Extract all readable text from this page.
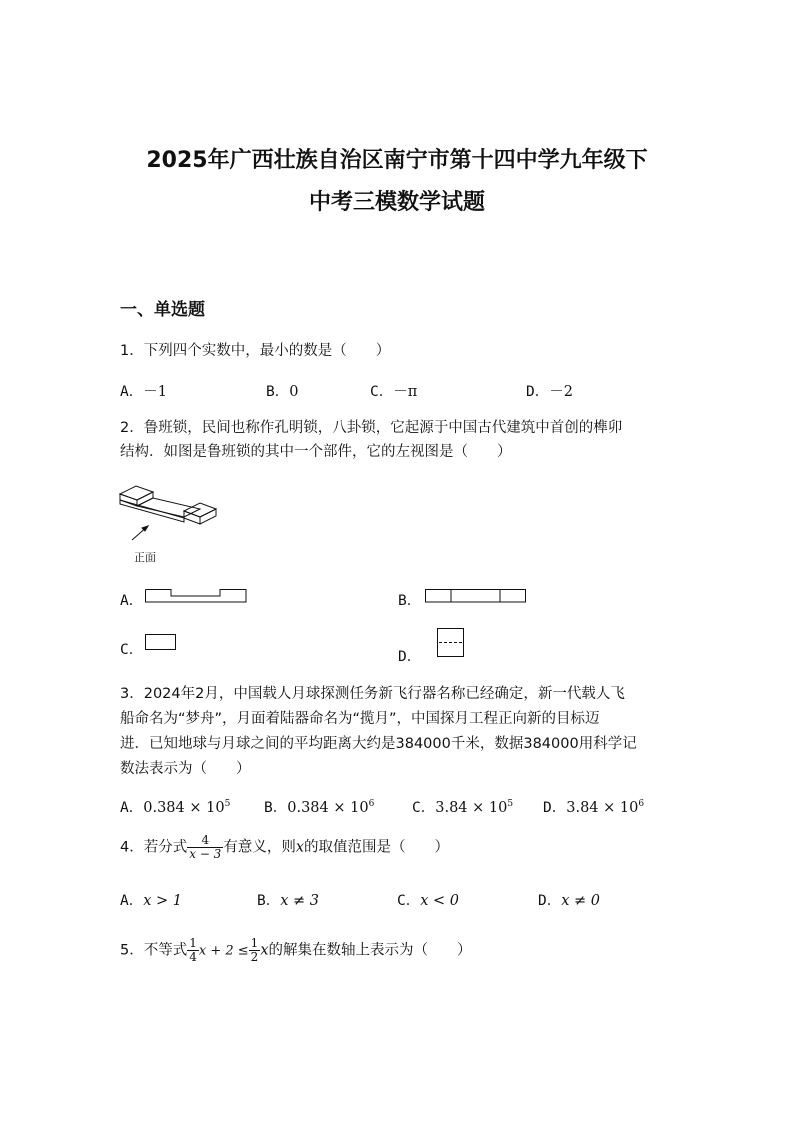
2025年广西壮族自治区南宁市第十四中学九年级下
中考三模数学试题
一、单选题
1．下列四个实数中，最小的数是（　　）
A．－1	B．0	C．－π	D．－2
2．鲁班锁，民间也称作孔明锁，八卦锁，它起源于中国古代建筑中首创的榫卯
结构．如图是鲁班锁的其中一个部件，它的左视图是（　　）
正面
A．	B．
C．	D．
3．2024年2月，中国载人月球探测任务新飞行器名称已经确定，新一代载人飞
船命名为“梦舟”，月面着陆器命名为“揽月”，中国探月工程正向新的目标迈
进．已知地球与月球之间的平均距离大约是384000千米，数据384000用科学记
数法表示为（　　）
A．$0.384 \times 10^5$ B．$0.384 \times 10^6$	C．$3.84 \times 10^5$ D．$3.84 \times 10^6$
4．若分式 $\frac{4}{x - 3}$ 有意义，则x的取值范围是（　　）
A．x > 1	B．x ≠ 3	C．x < 0	D．x ≠ 0
5．不等式 $\frac{1}{4}$ $x + 2 \le \frac{1}{2}$ x的解集在数轴上表示为（　　）
